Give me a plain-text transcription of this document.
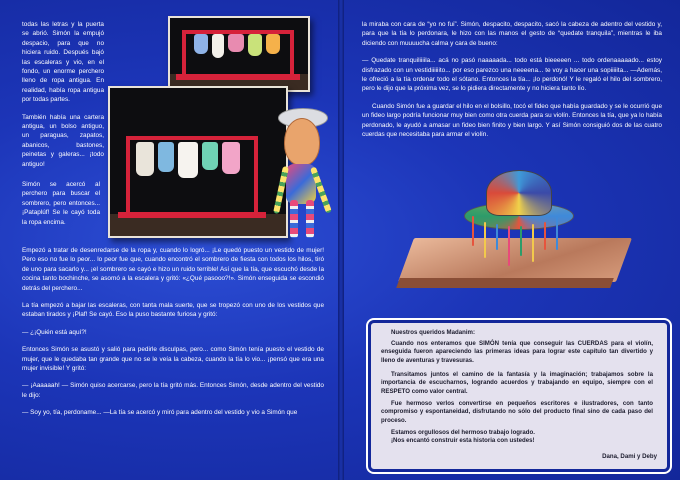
todas las letras y la puerta se abrió. Simón la empujó despacio, para que no hiciera ruido. Después bajó las escaleras y vio, en el fondo, un enorme perchero lleno de ropa antigua. En realidad, había ropa antigua por todas partes.

También había una cartera antigua, un bolso antiguo, un paraguas, zapatos, abanicos, bastones, peinetas y galeras... ¡todo antiguo!

Simón se acercó al perchero para buscar el sombrero, pero entonces... ¡Pataplúf! Se le cayó toda la ropa encima.

Empezó a tratar de desenredarse de la ropa y, cuando lo logró... ¡Le quedó puesto un vestido de mujer! Pero eso no fue lo peor... lo peor fue que, cuando encontró el sombrero de fiesta con todos los hilos, tiró de uno para sacarlo y... ¡el sombrero se cayó e hizo un ruido terrible! Así que la tía, que escuchó desde la cocina tanto bochinche, se asomó a la escalera y gritó: «¿Qué pasooo?!». Simón enseguida se escondió detrás del perchero...

La tía empezó a bajar las escaleras, con tanta mala suerte, que se tropezó con uno de los vestidos que estaban tirados y ¡Plaf! Se cayó. Eso la puso bastante furiosa y gritó:

— ¿¡Quién está aquí?!

Entonces Simón se asustó y salió para pedirle disculpas, pero... como Simón tenía puesto el vestido de mujer, que le quedaba tan grande que no se le veía la cabeza, cuando la tía lo vio... ¡pensó que era una mujer invisible! Y gritó:

— ¡Aaaaaah! — Simón quiso acercarse, pero la tía gritó más. Entonces Simón, desde adentro del vestido le dijo:

— Soy yo, tía, perdoname... —La tía se acercó y miró para adentro del vestido y vio a Simón que

la miraba con cara de “yo no fui”. Simón, despacito, despacito, sacó la cabeza de adentro del vestido y, para que la tía lo perdonara, le hizo con las manos el gesto de “quedate tranquila”, mientras le iba diciendo con muuuucha calma y cara de bueno:

— Quedate tranquiliiiila... acá no pasó naaaaada... todo está bieeeeen ... todo ordenaaaaado... estoy disfrazado con un vestidiiiiiito... por eso parezco una neeeena... te voy a hacer una sopiiiiita... —Además, le ofreció a la tía ordenar todo el sótano. Entonces la tía... ¡lo perdonó! Y le regaló el hilo del sombrero, pero le dijo que la próxima vez, se lo pidiera directamente y no hiciera tanto lío.

Cuando Simón fue a guardar el hilo en el bolsillo, tocó el fideo que había guardado y se le ocurrió que un fideo largo podría funcionar muy bien como otra cuerda para su violín. Entonces la tía, que ya lo había perdonado, le ayudó a amasar un fideo bien finito y bien largo. Y así Simón consiguió dos de las cuatro cuerdas que necesitaba para armar el violín.

Nuestros queridos Madanim:
Cuando nos enteramos que SIMÓN tenía que conseguir las CUERDAS para el violín, enseguida fueron apareciendo las primeras ideas para lograr este capítulo tan divertido y lleno de aventuras y travesuras.
Transitamos juntos el camino de la fantasía y la imaginación; trabajamos sobre la importancia de escucharnos, logrando acuerdos y trabajando en equipo, siempre con el RESPETO como valor central.
Fue hermoso verlos convertirse en pequeños escritores e ilustradores, con tanto compromiso y espontaneidad, disfrutando no sólo del producto final sino de cada paso del proceso.
Estamos orgullosos del hermoso trabajo logrado.
¡Nos encantó construir esta historia con ustedes!
Dana, Dami y Deby
